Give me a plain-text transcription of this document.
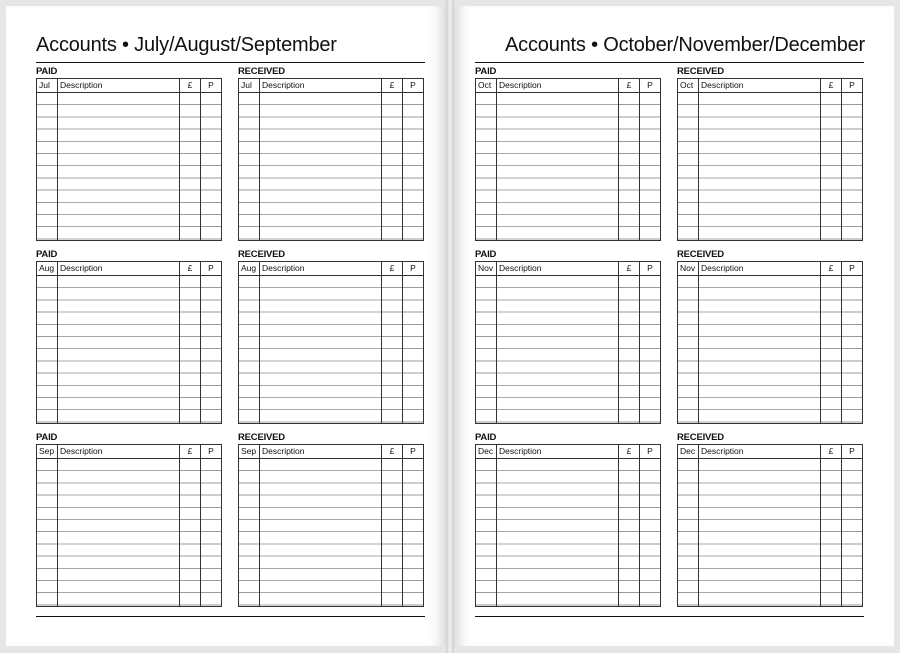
Accounts • July/August/September
PAID
Jul	Description	£	P
RECEIVED
Jul	Description	£	P
PAID
Aug Description	£	P
RECEIVED
Aug Description	£	P
PAID
Sep Description	£	P
RECEIVED
Sep Description	£	P
Accounts • October/November/December
PAID
Oct Description	£	P
RECEIVED
Oct Description	£	P
PAID
Nov Description	£	P
RECEIVED
Nov Description	£	P
PAID
Dec Description	£	P
RECEIVED
Dec Description	£	P
